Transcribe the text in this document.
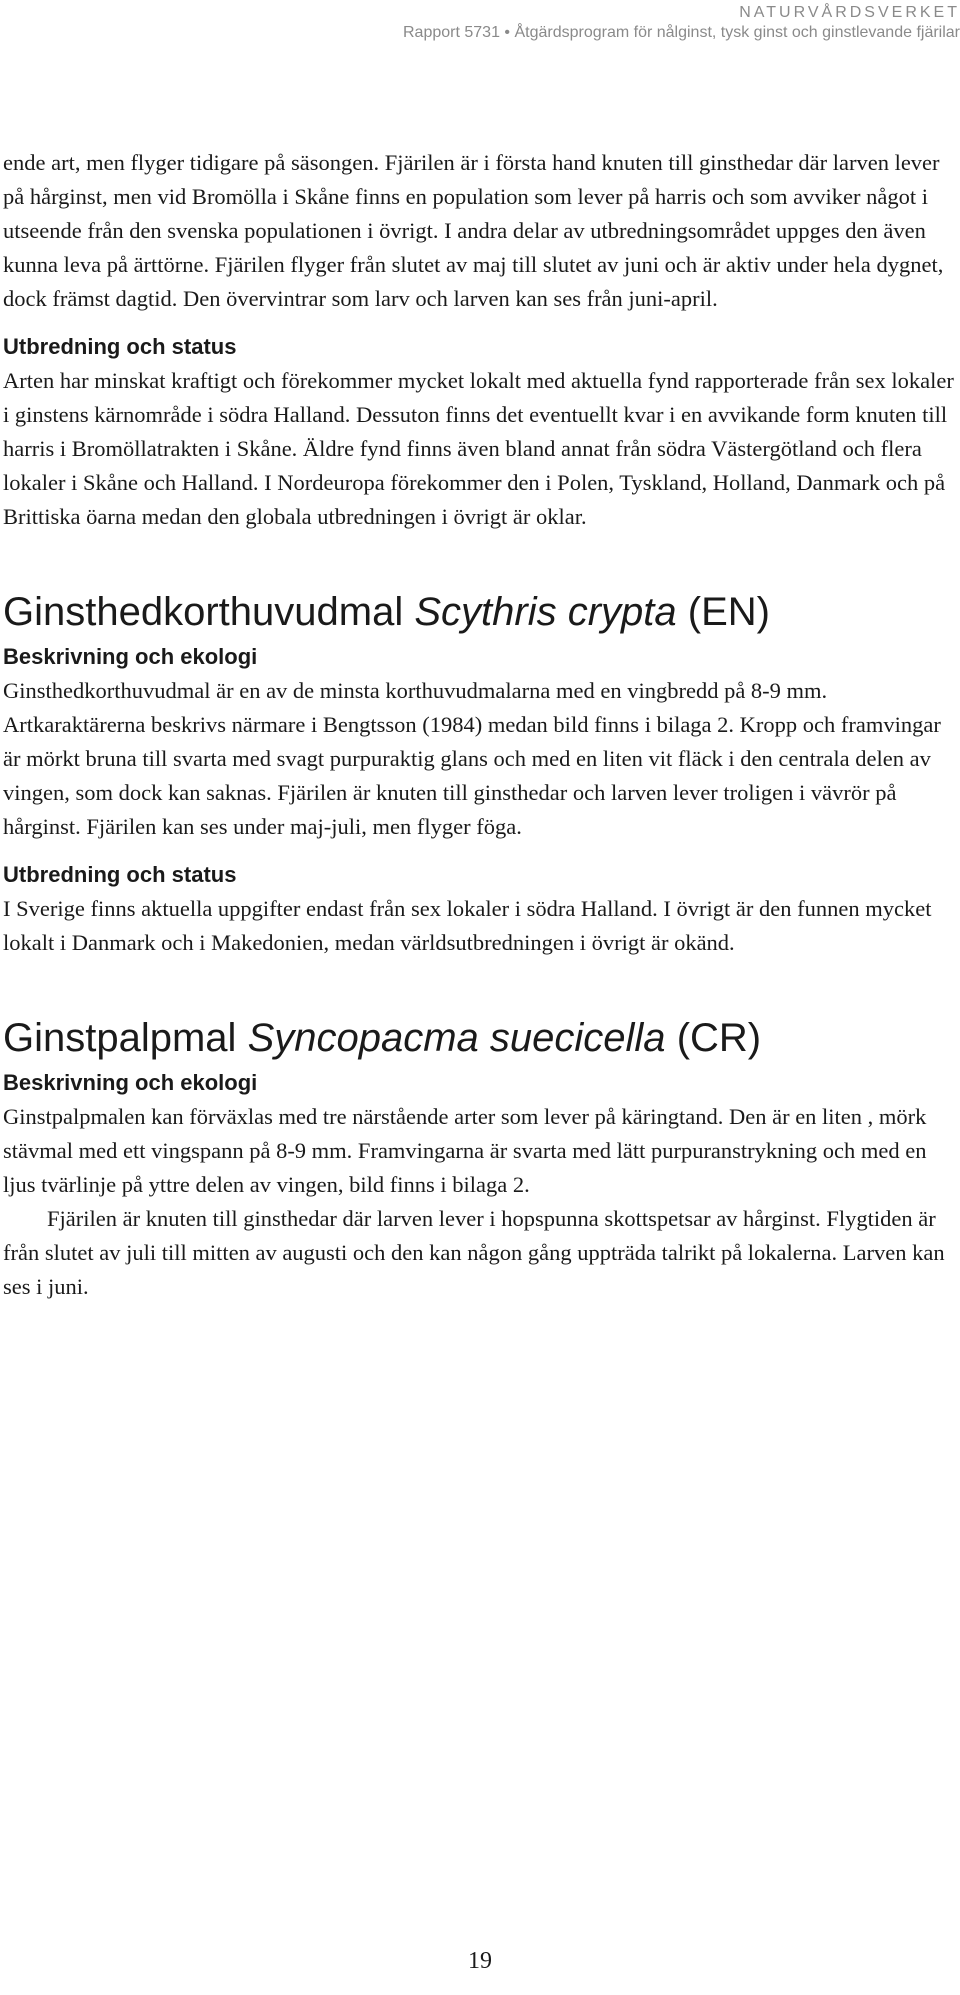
NATURVÅRDSVERKET
Rapport 5731 • Åtgärdsprogram för nålginst, tysk ginst och ginstlevande fjärilar

ende art, men flyger tidigare på säsongen. Fjärilen är i första hand knuten till ginsthedar där larven lever på hårginst, men vid Bromölla i Skåne finns en population som lever på harris och som avviker något i utseende från den svenska populationen i övrigt. I andra delar av utbredningsområdet uppges den även kunna leva på ärttörne. Fjärilen flyger från slutet av maj till slutet av juni och är aktiv under hela dygnet, dock främst dagtid. Den övervintrar som larv och larven kan ses från juni-april.

Utbredning och status

Arten har minskat kraftigt och förekommer mycket lokalt med aktuella fynd rapporterade från sex lokaler i ginstens kärnområde i södra Halland. Dessuton finns det eventuellt kvar i en avvikande form knuten till harris i Bromöllatrakten i Skåne. Äldre fynd finns även bland annat från södra Västergötland och flera lokaler i Skåne och Halland. I Nordeuropa förekommer den i Polen, Tyskland, Holland, Danmark och på Brittiska öarna medan den globala utbredningen i övrigt är oklar.

Ginsthedkorthuvudmal Scythris crypta (EN)
Beskrivning och ekologi

Ginsthedkorthuvudmal är en av de minsta korthuvudmalarna med en vingbredd på 8-9 mm. Artkaraktärerna beskrivs närmare i Bengtsson (1984) medan bild finns i bilaga 2. Kropp och framvingar är mörkt bruna till svarta med svagt purpuraktig glans och med en liten vit fläck i den centrala delen av vingen, som dock kan saknas. Fjärilen är knuten till ginsthedar och larven lever troligen i vävrör på hårginst. Fjärilen kan ses under maj-juli, men flyger föga.

Utbredning och status

I Sverige finns aktuella uppgifter endast från sex lokaler i södra Halland. I övrigt är den funnen mycket lokalt i Danmark och i Makedonien, medan världsutbredningen i övrigt är okänd.

Ginstpalpmal Syncopacma suecicella (CR)
Beskrivning och ekologi

Ginstpalpmalen kan förväxlas med tre närstående arter som lever på käringtand. Den är en liten , mörk stävmal med ett vingspann på 8-9 mm. Framvingarna är svarta med lätt purpuranstrykning och med en ljus tvärlinje på yttre delen av vingen, bild finns i bilaga 2.

Fjärilen är knuten till ginsthedar där larven lever i hopspunna skottspetsar av hårginst. Flygtiden är från slutet av juli till mitten av augusti och den kan någon gång uppträda talrikt på lokalerna. Larven kan ses i juni.

19
